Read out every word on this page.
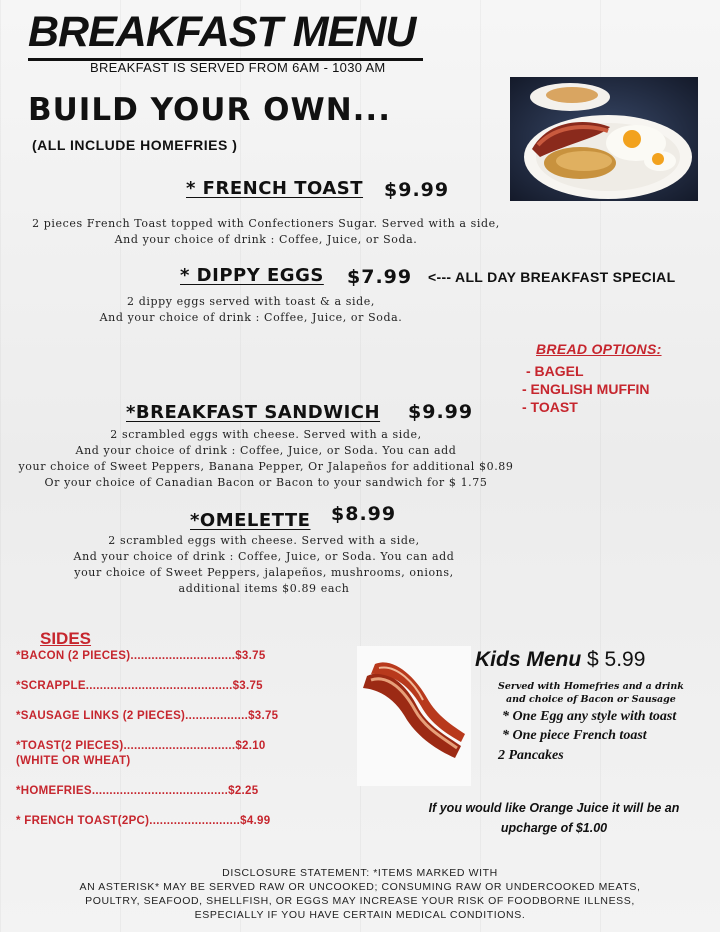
BREAKFAST MENU
BREAKFAST IS SERVED FROM 6AM - 1030 AM
BUILD YOUR OWN...
(ALL INCLUDE HOMEFRIES )
* FRENCH TOAST $9.99
2 pieces French Toast topped with Confectioners Sugar. Served with a side,
And your choice of drink : Coffee, Juice, or Soda.
* DIPPY EGGS $7.99 <--- ALL DAY BREAKFAST SPECIAL
2 dippy eggs served with toast & a side,
And your choice of drink : Coffee, Juice, or Soda.
BREAD OPTIONS:
- BAGEL
- ENGLISH MUFFIN
- TOAST
*BREAKFAST SANDWICH $9.99
2 scrambled eggs with cheese. Served with a side,
And your choice of drink : Coffee, Juice, or Soda. You can add
your choice of Sweet Peppers, Banana Pepper, Or Jalapeños for additional $0.89
Or your choice of Canadian Bacon or Bacon to your sandwich for $ 1.75
*OMELETTE $8.99
2 scrambled eggs with cheese. Served with a side,
And your choice of drink : Coffee, Juice, or Soda. You can add
your choice of Sweet Peppers, jalapeños, mushrooms, onions,
additional items $0.89 each
SIDES
*BACON (2 PIECES)..............................$3.75
*SCRAPPLE..........................................$3.75
*SAUSAGE LINKS (2 PIECES)..................$3.75
*TOAST(2 PIECES)................................$2.10
(WHITE OR WHEAT)
*HOMEFRIES.......................................$2.25
* FRENCH TOAST(2PC)..........................$4.99
Kids Menu $ 5.99
Served with Homefries and a drink
and choice of Bacon or Sausage
* One Egg any style with toast
* One piece French toast
2 Pancakes
If you would like Orange Juice it will be an
upcharge of $1.00
DISCLOSURE STATEMENT: *ITEMS MARKED WITH
AN ASTERISK* MAY BE SERVED RAW OR UNCOOKED; CONSUMING RAW OR UNDERCOOKED MEATS,
POULTRY, SEAFOOD, SHELLFISH, OR EGGS MAY INCREASE YOUR RISK OF FOODBORNE ILLNESS,
ESPECIALLY IF YOU HAVE CERTAIN MEDICAL CONDITIONS.
